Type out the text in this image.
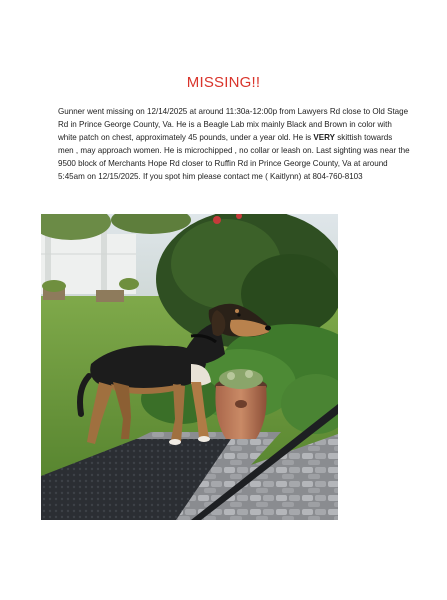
MISSING!!
Gunner went missing on 12/14/2025 at around 11:30a-12:00p from Lawyers Rd close to Old Stage Rd in Prince George County, Va. He is a Beagle Lab mix mainly Black and Brown in color with white patch on chest, approximately 45 pounds, under a year old. He is VERY skittish towards men , may approach women. He is microchipped , no collar or leash on. Last sighting was near the 9500 block of Merchants Hope Rd closer to Ruffin Rd in Prince George County, Va at around 5:45am on 12/15/2025. If you spot him please contact me ( Kaitlynn) at 804-760-8103
